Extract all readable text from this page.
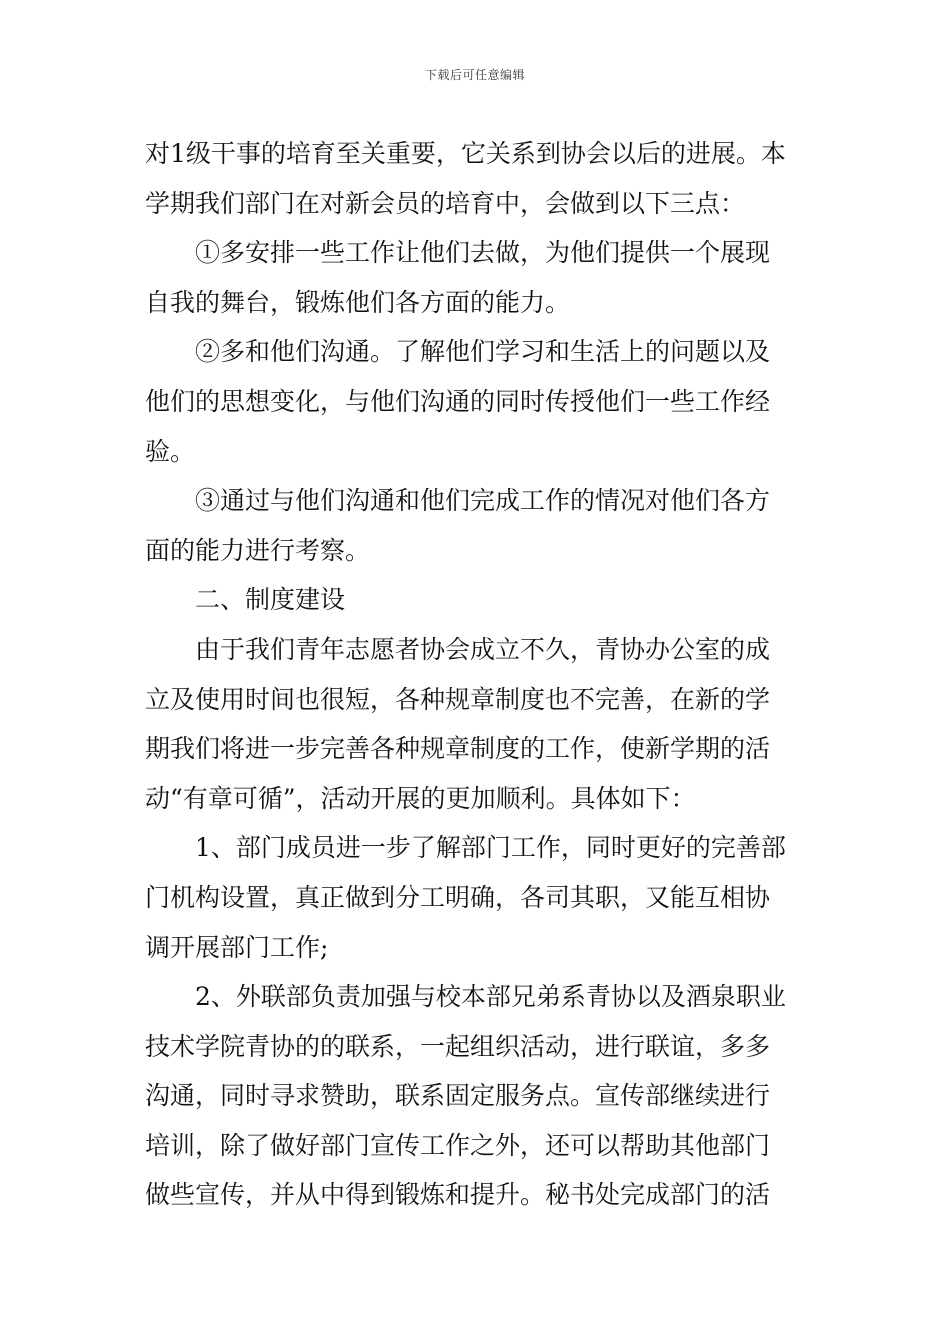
下载后可任意编辑
对1级干事的培育至关重要，它关系到协会以后的进展。本
学期我们部门在对新会员的培育中，会做到以下三点：
①多安排一些工作让他们去做，为他们提供一个展现
自我的舞台，锻炼他们各方面的能力。
②多和他们沟通。了解他们学习和生活上的问题以及
他们的思想变化，与他们沟通的同时传授他们一些工作经
验。
③通过与他们沟通和他们完成工作的情况对他们各方
面的能力进行考察。
二、制度建设
由于我们青年志愿者协会成立不久，青协办公室的成
立及使用时间也很短，各种规章制度也不完善，在新的学
期我们将进一步完善各种规章制度的工作，使新学期的活
动“有章可循”，活动开展的更加顺利。具体如下：
1、部门成员进一步了解部门工作，同时更好的完善部
门机构设置，真正做到分工明确，各司其职，又能互相协
调开展部门工作;
2、外联部负责加强与校本部兄弟系青协以及酒泉职业
技术学院青协的的联系，一起组织活动，进行联谊，多多
沟通，同时寻求赞助，联系固定服务点。宣传部继续进行
培训，除了做好部门宣传工作之外，还可以帮助其他部门
做些宣传，并从中得到锻炼和提升。秘书处完成部门的活
